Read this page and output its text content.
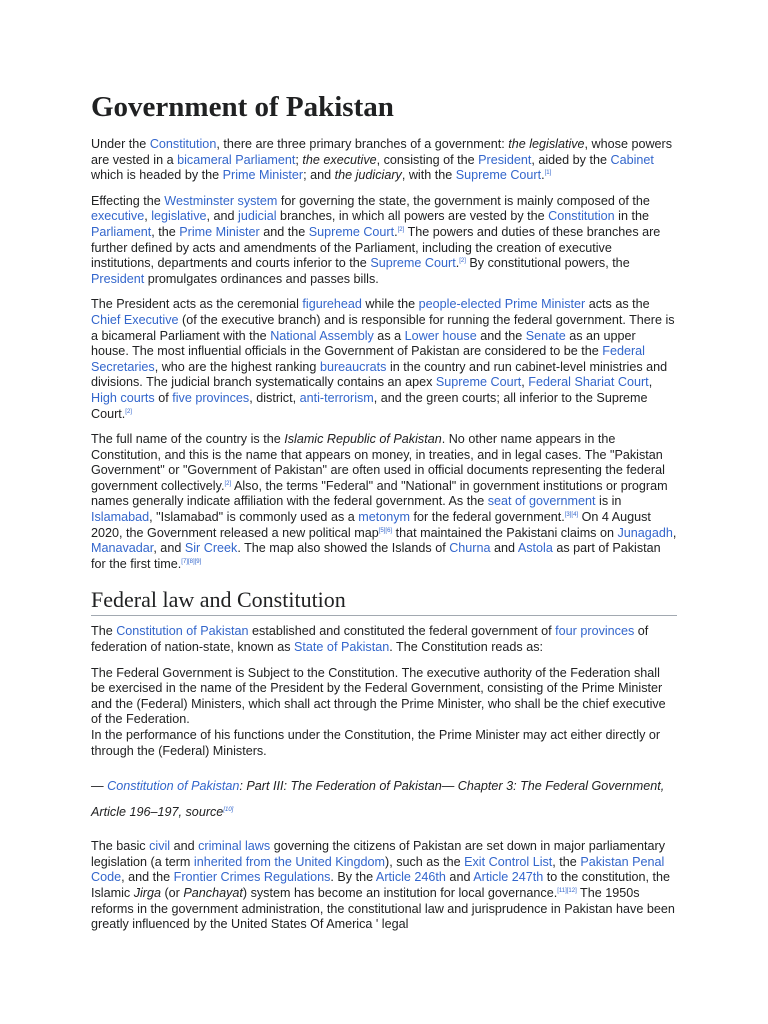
Government of Pakistan

Under the Constitution, there are three primary branches of a government: the legislative, whose powers are vested in a bicameral Parliament; the executive, consisting of the President, aided by the Cabinet which is headed by the Prime Minister; and the judiciary, with the Supreme Court.[1]

Effecting the Westminster system for governing the state, the government is mainly composed of the executive, legislative, and judicial branches, in which all powers are vested by the Constitution in the Parliament, the Prime Minister and the Supreme Court.[2] The powers and duties of these branches are further defined by acts and amendments of the Parliament, including the creation of executive institutions, departments and courts inferior to the Supreme Court.[2] By constitutional powers, the President promulgates ordinances and passes bills.

The President acts as the ceremonial figurehead while the people-elected Prime Minister acts as the Chief Executive (of the executive branch) and is responsible for running the federal government. There is a bicameral Parliament with the National Assembly as a Lower house and the Senate as an upper house. The most influential officials in the Government of Pakistan are considered to be the Federal Secretaries, who are the highest ranking bureaucrats in the country and run cabinet-level ministries and divisions. The judicial branch systematically contains an apex Supreme Court, Federal Shariat Court, High courts of five provinces, district, anti-terrorism, and the green courts; all inferior to the Supreme Court.[2]

The full name of the country is the Islamic Republic of Pakistan. No other name appears in the Constitution, and this is the name that appears on money, in treaties, and in legal cases. The "Pakistan Government" or "Government of Pakistan" are often used in official documents representing the federal government collectively.[2] Also, the terms "Federal" and "National" in government institutions or program names generally indicate affiliation with the federal government. As the seat of government is in Islamabad, "Islamabad" is commonly used as a metonym for the federal government.[3][4] On 4 August 2020, the Government released a new political map[5][6] that maintained the Pakistani claims on Junagadh, Manavadar, and Sir Creek. The map also showed the Islands of Churna and Astola as part of Pakistan for the first time.[7][8][9]

Federal law and Constitution

The Constitution of Pakistan established and constituted the federal government of four provinces of federation of nation-state, known as State of Pakistan. The Constitution reads as:

The Federal Government is Subject to the Constitution. The executive authority of the Federation shall be exercised in the name of the President by the Federal Government, consisting of the Prime Minister and the (Federal) Ministers, which shall act through the Prime Minister, who shall be the chief executive of the Federation.

In the performance of his functions under the Constitution, the Prime Minister may act either directly or through the (Federal) Ministers.

— Constitution of Pakistan: Part III: The Federation of Pakistan— Chapter 3: The Federal Government, Article 196–197, source[10]

The basic civil and criminal laws governing the citizens of Pakistan are set down in major parliamentary legislation (a term inherited from the United Kingdom), such as the Exit Control List, the Pakistan Penal Code, and the Frontier Crimes Regulations. By the Article 246th and Article 247th to the constitution, the Islamic Jirga (or Panchayat) system has become an institution for local governance.[11][12] The 1950s reforms in the government administration, the constitutional law and jurisprudence in Pakistan have been greatly influenced by the United States Of America ' legal
